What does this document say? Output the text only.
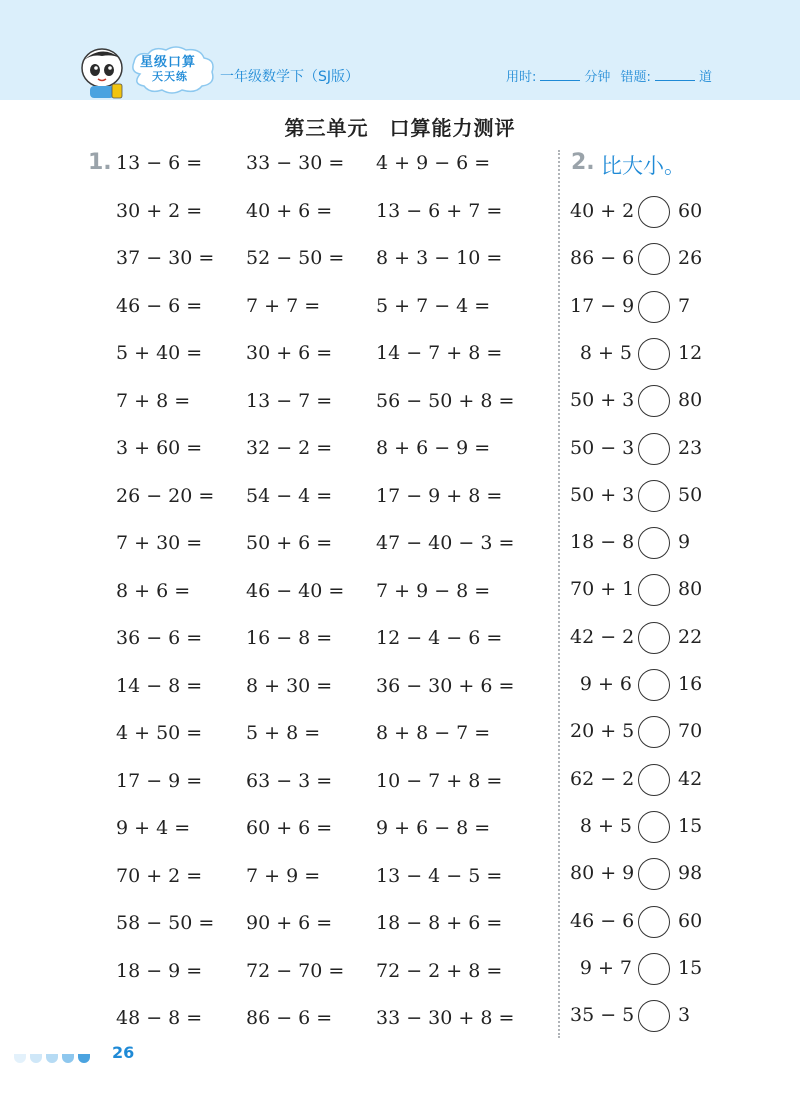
星级口算
天天练 一年级数学下（SJ版）	用时:	分钟 错题:	道
第三单元　口算能力测评
1. 13 − 6 = 33 − 30 = 4 + 9 − 6 =
30 + 2 = 40 + 6 = 13 − 6 + 7 =
37 − 30 = 52 − 50 = 8 + 3 − 10 =
46 − 6 = 7 + 7 =	5 + 7 − 4 =
5 + 40 = 30 + 6 = 14 − 7 + 8 =
7 + 8 =	13 − 7 = 56 − 50 + 8 =
3 + 60 = 32 − 2 = 8 + 6 − 9 =
26 − 20 = 54 − 4 = 17 − 9 + 8 =
7 + 30 = 50 + 6 = 47 − 40 − 3 =
8 + 6 =	46 − 40 = 7 + 9 − 8 =
36 − 6 = 16 − 8 = 12 − 4 − 6 =
14 − 8 = 8 + 30 = 36 − 30 + 6 =
4 + 50 = 5 + 8 =	8 + 8 − 7 =
17 − 9 = 63 − 3 = 10 − 7 + 8 =
9 + 4 =	60 + 6 = 9 + 6 − 8 =
70 + 2 = 7 + 9 =	13 − 4 − 5 =
58 − 50 = 90 + 6 = 18 − 8 + 6 =
18 − 9 = 72 − 70 = 72 − 2 + 8 =
48 − 8 = 86 − 6 = 33 − 30 + 8 =
2. 比大小。
40 + 2 60
86 − 6 26
17 − 9 7
8 + 5 12
50 + 3 80
50 − 3 23
50 + 3 50
18 − 8 9
70 + 1 80
42 − 2 22
9 + 6 16
20 + 5 70
62 − 2 42
8 + 5 15
80 + 9 98
46 − 6 60
9 + 7 15
35 − 5 3
26
